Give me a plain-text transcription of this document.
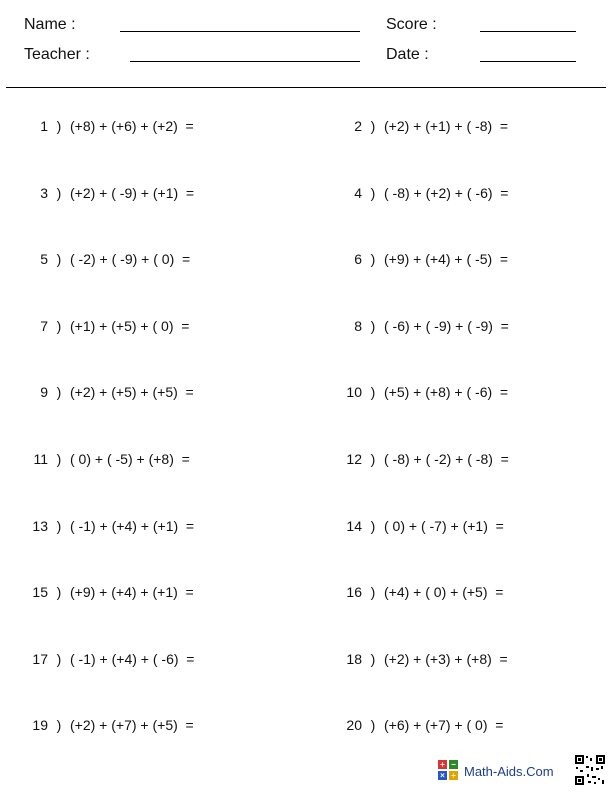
Name :
Teacher :
Score :
Date :
1 ) (+8) + (+6) + (+2)  =	2 ) (+2) + (+1) + ( -8)  =
3 ) (+2) + ( -9) + (+1)  =	4 ) ( -8) + (+2) + ( -6)  =
5 ) ( -2) + ( -9) + ( 0)  =	6 ) (+9) + (+4) + ( -5)  =
7 ) (+1) + (+5) + ( 0)  =	8 ) ( -6) + ( -9) + ( -9)  =
9 ) (+2) + (+5) + (+5)  =	10 ) (+5) + (+8) + ( -6)  =
11 ) ( 0) + ( -5) + (+8)  =	12 ) ( -8) + ( -2) + ( -8)  =
13 ) ( -1) + (+4) + (+1)  =	14 ) ( 0) + ( -7) + (+1)  =
15 ) (+9) + (+4) + (+1)  =	16 ) (+4) + ( 0) + (+5)  =
17 ) ( -1) + (+4) + ( -6)  =	18 ) (+2) + (+3) + (+8)  =
19 ) (+2) + (+7) + (+5)  =	20 ) (+6) + (+7) + ( 0)  =
+ −
× ÷ Math-Aids.Com
